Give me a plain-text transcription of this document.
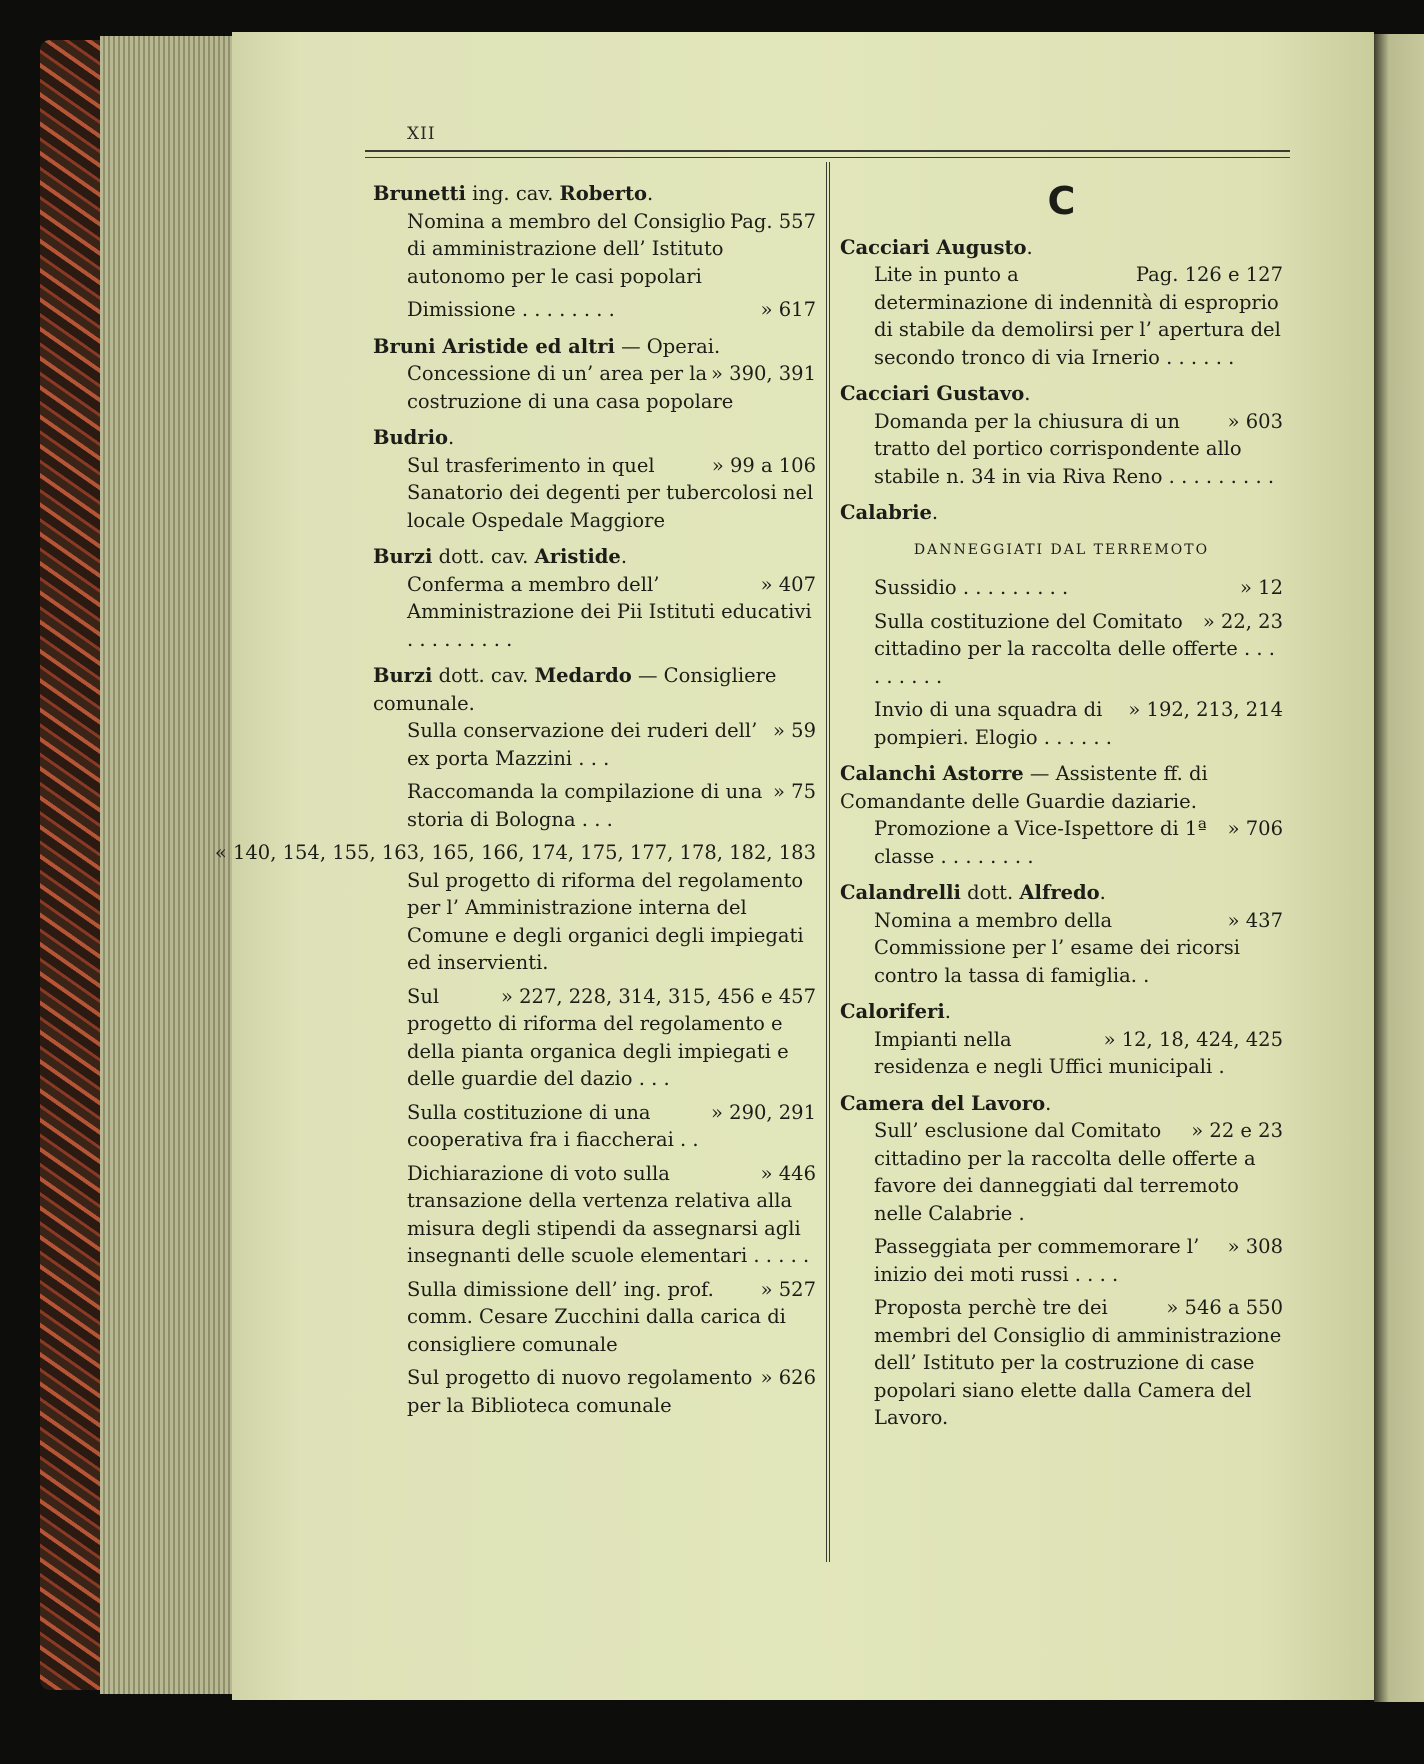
XII
Brunetti ing. cav. Roberto.
Pag. 557
Nomina a membro del Consiglio di amministrazione dell’ Istituto autonomo per le casi popolari
» 617
Dimissione . . . . . . . .
Bruni Aristide ed altri — Operai.
» 390, 391
Concessione di un’ area per la costruzione di una casa popolare
Budrio.
» 99 a 106
Sul trasferimento in quel Sanatorio dei degenti per tubercolosi nel locale Ospedale Maggiore
Burzi dott. cav. Aristide.
» 407
Conferma a membro dell’ Amministrazione dei Pii Istituti educativi . . . . . . . . .
Burzi dott. cav. Medardo — Consigliere comunale.
» 59
Sulla conservazione dei ruderi dell’ ex porta Mazzini . . .
» 75
Raccomanda la compilazione di una storia di Bologna . . .
« 140, 154, 155, 163, 165, 166, 174, 175, 177, 178, 182, 183
Sul progetto di riforma del regolamento per l’ Amministrazione interna del Comune e degli organici degli impiegati ed inservienti.
» 227, 228, 314, 315, 456 e 457
Sul progetto di riforma del regolamento e della pianta organica degli impiegati e delle guardie del dazio . . .
» 290, 291
Sulla costituzione di una cooperativa fra i fiaccherai . .
» 446
Dichiarazione di voto sulla transazione della vertenza relativa alla misura degli stipendi da assegnarsi agli insegnanti delle scuole elementari . . . . .
» 527
Sulla dimissione dell’ ing. prof. comm. Cesare Zucchini dalla carica di consigliere comunale
» 626
Sul progetto di nuovo regolamento per la Biblioteca comunale
C
Cacciari Augusto.
Pag. 126 e 127
Lite in punto a determinazione di indennità di esproprio di stabile da demolirsi per l’ apertura del secondo tronco di via Irnerio . . . . . .
Cacciari Gustavo.
» 603
Domanda per la chiusura di un tratto del portico corrispondente allo stabile n. 34 in via Riva Reno . . . . . . . . .
Calabrie.
DANNEGGIATI DAL TERREMOTO
» 12
Sussidio . . . . . . . . .
» 22, 23
Sulla costituzione del Comitato cittadino per la raccolta delle offerte . . . . . . . . .
» 192, 213, 214
Invio di una squadra di pompieri. Elogio . . . . . .
Calanchi Astorre — Assistente ff. di Comandante delle Guardie daziarie.
» 706
Promozione a Vice-Ispettore di 1ª classe . . . . . . . .
Calandrelli dott. Alfredo.
» 437
Nomina a membro della Commissione per l’ esame dei ricorsi contro la tassa di famiglia. .
Caloriferi.
» 12, 18, 424, 425
Impianti nella residenza e negli Uffici municipali .
Camera del Lavoro.
» 22 e 23
Sull’ esclusione dal Comitato cittadino per la raccolta delle offerte a favore dei danneggiati dal terremoto nelle Calabrie .
» 308
Passeggiata per commemorare l’ inizio dei moti russi . . . .
» 546 a 550
Proposta perchè tre dei membri del Consiglio di amministrazione dell’ Istituto per la costruzione di case popolari siano elette dalla Camera del Lavoro.
